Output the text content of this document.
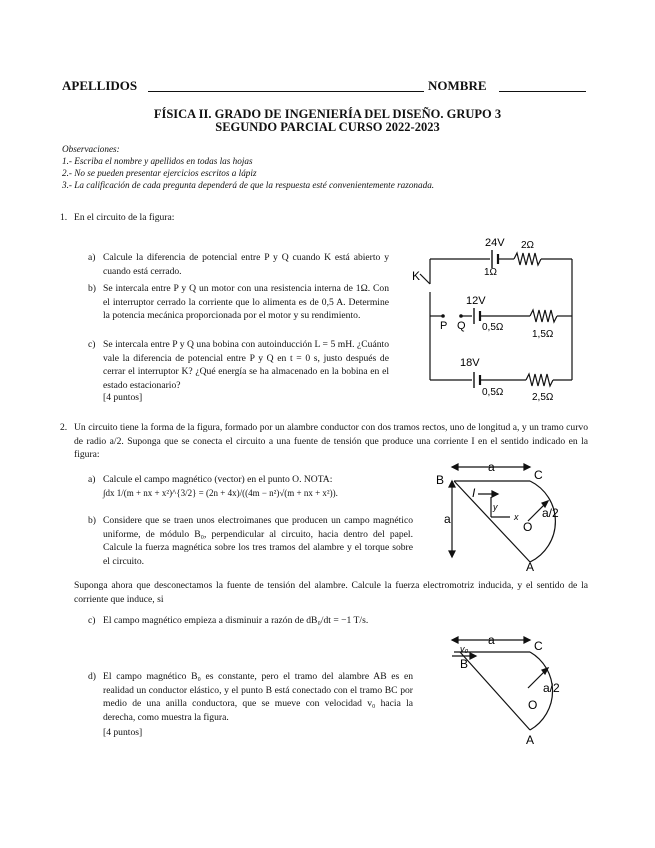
APELLIDOS	NOMBRE
FÍSICA II. GRADO DE INGENIERÍA DEL DISEÑO. GRUPO 3
SEGUNDO PARCIAL CURSO 2022-2023
Observaciones:
1.- Escriba el nombre y apellidos en todas las hojas
2.- No se pueden presentar ejercicios escritos a lápiz
3.- La calificación de cada pregunta dependerá de que la respuesta esté convenientemente razonada.
1. En el circuito de la figura:
a) Calcule la diferencia de potencial entre P y Q cuando K está abierto y cuando está cerrado.
b) Se intercala entre P y Q un motor con una resistencia interna de 1Ω. Con el interruptor cerrado la corriente que lo alimenta es de 0,5 A. Determine la potencia mecánica proporcionada por el motor y su rendimiento.
c) Se intercala entre P y Q una bobina con autoinducción L = 5 mH. ¿Cuánto vale la diferencia de potencial entre P y Q en t = 0 s, justo después de cerrar el interruptor K? ¿Qué energía se ha almacenado en la bobina en el estado estacionario?
[4 puntos]
24V 2Ω
1Ω
K
12V
P Q 0,5Ω
1,5Ω
18V
0,5Ω	2,5Ω
2. Un circuito tiene la forma de la figura, formado por un alambre conductor con dos tramos rectos, uno de longitud a, y un tramo curvo de radio a/2. Suponga que se conecta el circuito a una fuente de tensión que produce una corriente I en el sentido indicado en la figura:
a) Calcule el campo magnético (vector) en el punto O. NOTA:
∫dx 1/(m + nx + x²)^{3/2} = (2n + 4x)/((4m − n²)√(m + nx + x²)).
b) Considere que se traen unos electroimanes que producen un campo magnético uniforme, de módulo B₀, perpendicular al circuito, hacia dentro del papel. Calcule la fuerza magnética sobre los tres tramos del alambre y el torque sobre el circuito.
Suponga ahora que desconectamos la fuente de tensión del alambre. Calcule la fuerza electromotriz inducida, y el sentido de la corriente que induce, si
c) El campo magnético empieza a disminuir a razón de dB₀/dt = −1 T/s.
d) El campo magnético B₀ es constante, pero el tramo del alambre AB es en realidad un conductor elástico, y el punto B está conectado con el tramo BC por medio de una anilla conductora, que se mueve con velocidad v₀ hacia la derecha, como muestra la figura.
[4 puntos]
a
B	C
a
I
y
x
O
a/2
A
a
v₀
B
C
a/2
O
A
